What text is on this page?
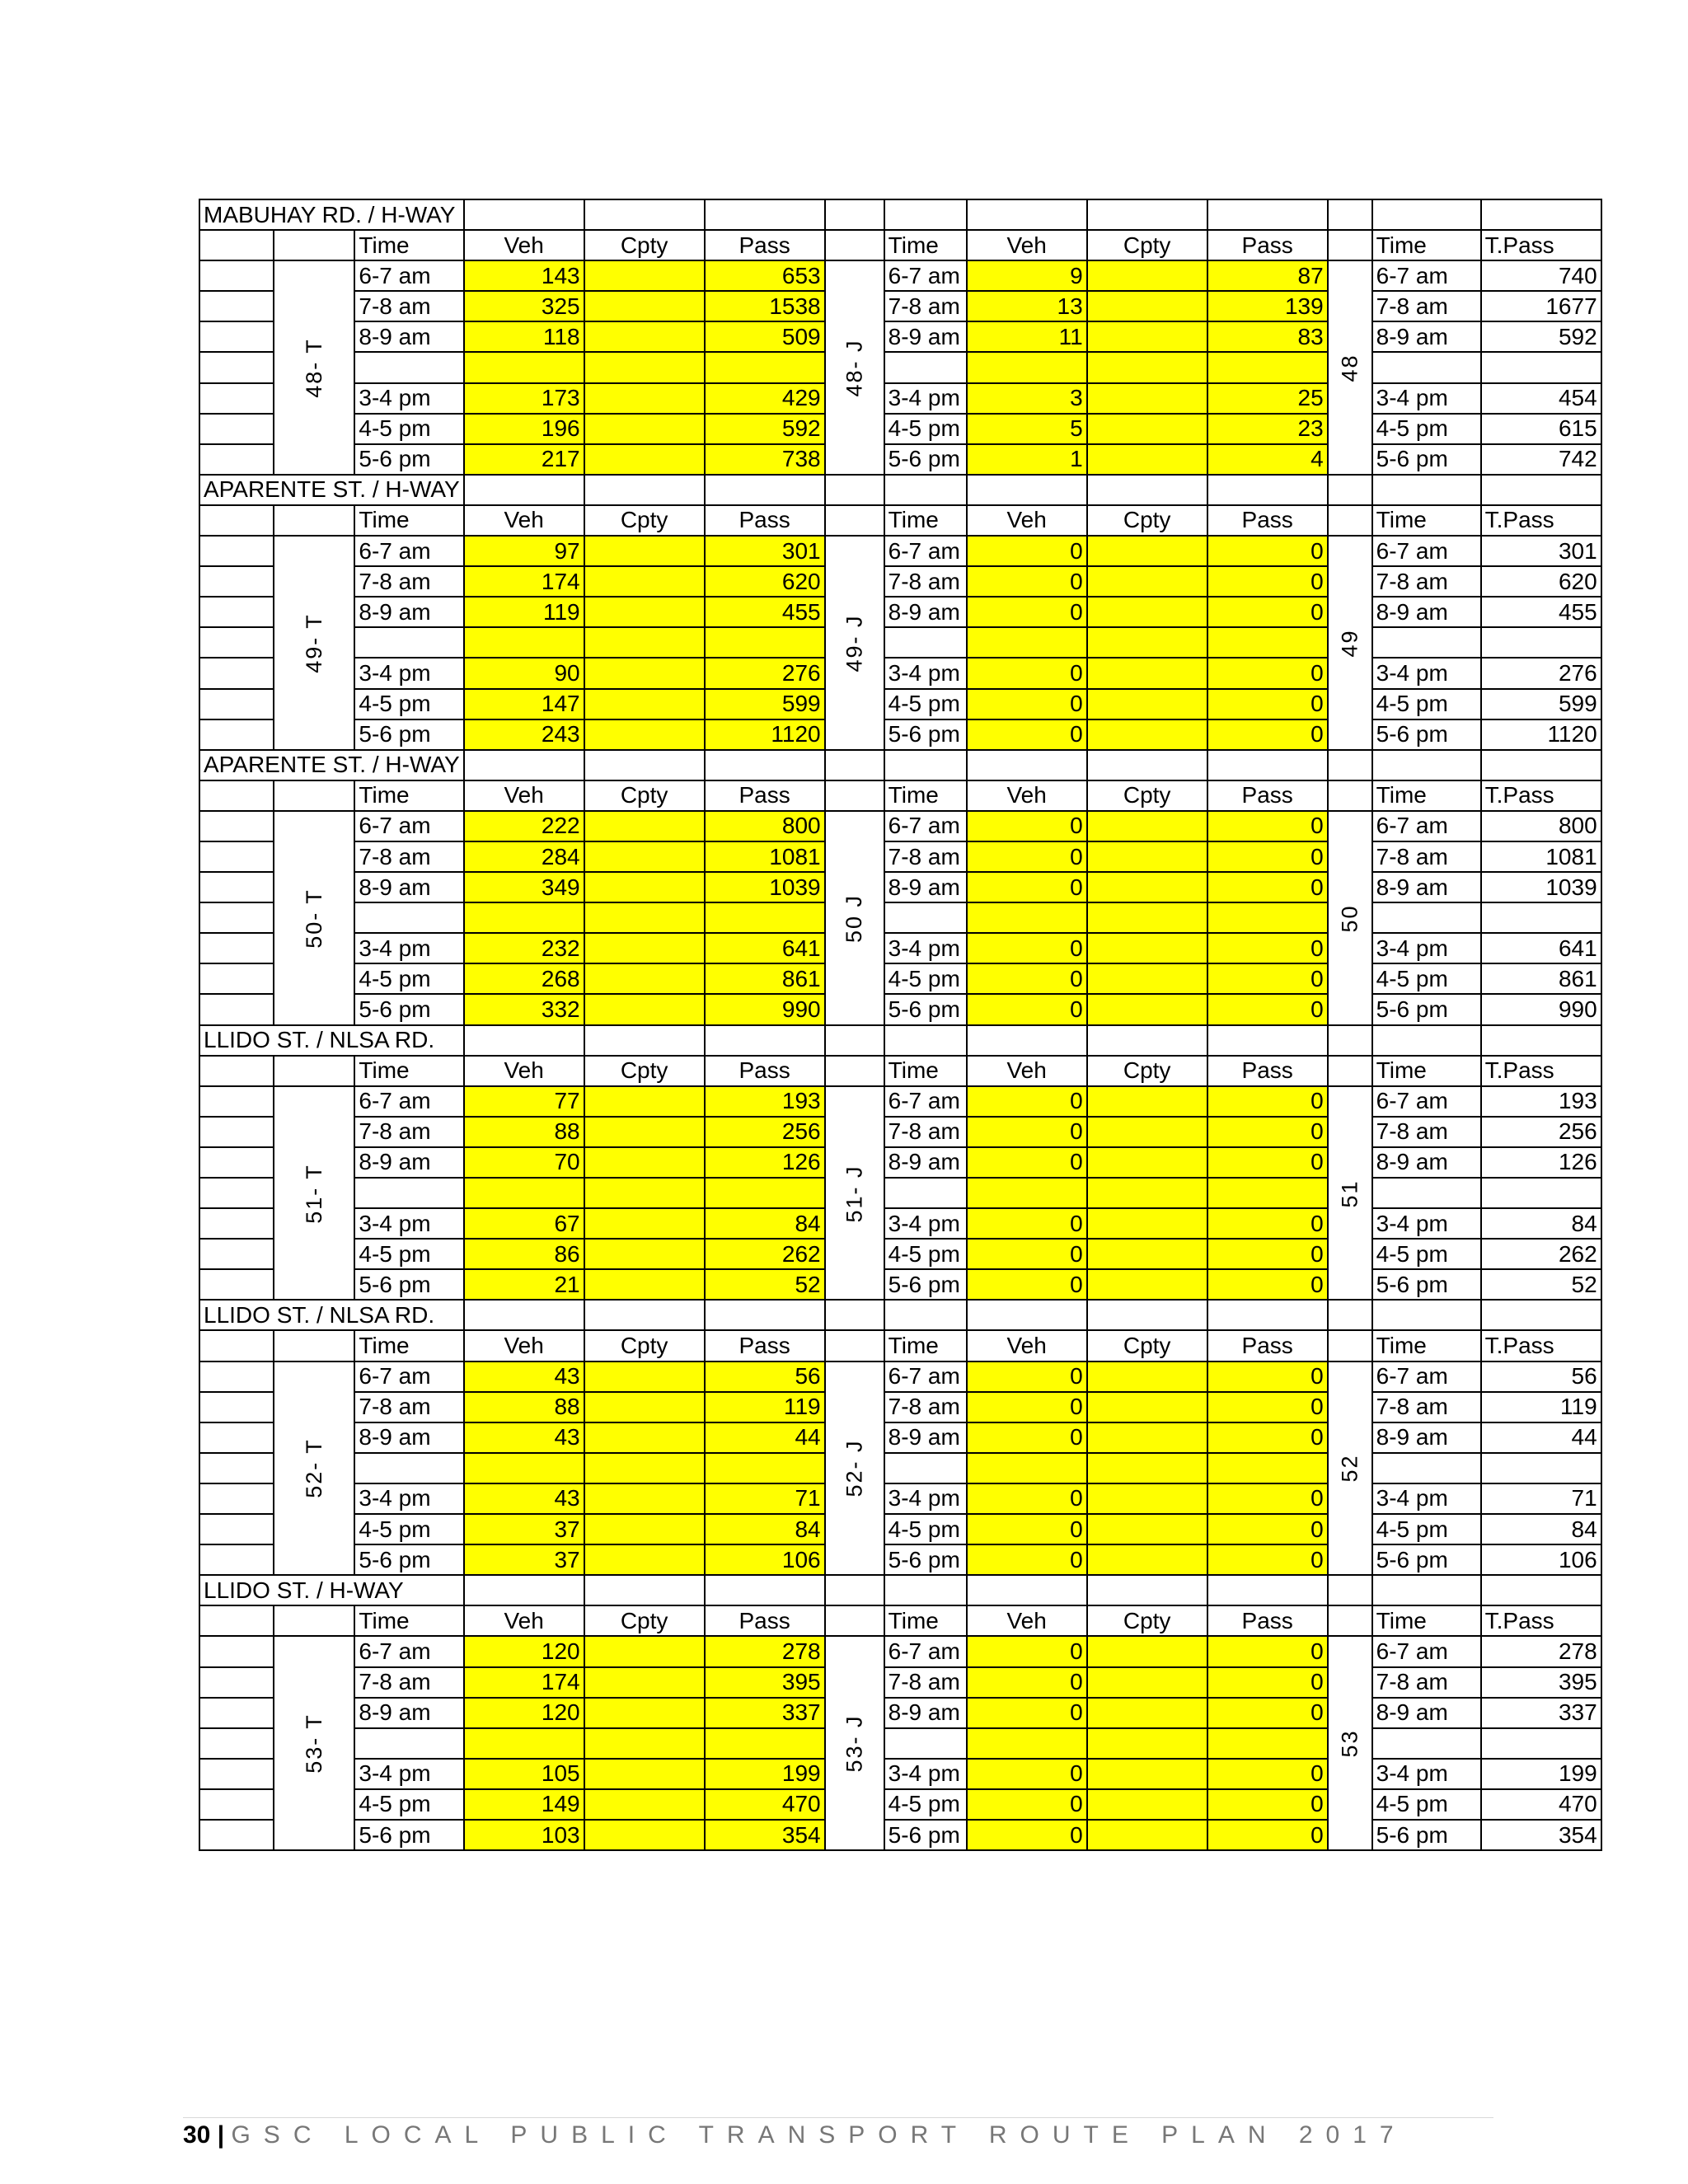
MABUHAY RD. / H-WAY													
		Time	Veh	Cpty	Pass		Time	Veh	Cpty	Pass		Time	T.Pass
	48- T	6-7 am	143		653	48- J	6-7 am	9		87	48	6-7 am	740
		7-8 am	325		1538		7-8 am	13		139		7-8 am	1677
		8-9 am	118		509		8-9 am	11		83		8-9 am	592

		3-4 pm	173		429		3-4 pm	3		25		3-4 pm	454
		4-5 pm	196		592		4-5 pm	5		23		4-5 pm	615
		5-6 pm	217		738		5-6 pm	1		4		5-6 pm	742
APARENTE ST. / H-WAY													
		Time	Veh	Cpty	Pass		Time	Veh	Cpty	Pass		Time	T.Pass
	49- T	6-7 am	97		301	49- J	6-7 am	0		0	49	6-7 am	301
		7-8 am	174		620		7-8 am	0		0		7-8 am	620
		8-9 am	119		455		8-9 am	0		0		8-9 am	455

		3-4 pm	90		276		3-4 pm	0		0		3-4 pm	276
		4-5 pm	147		599		4-5 pm	0		0		4-5 pm	599
		5-6 pm	243		1120		5-6 pm	0		0		5-6 pm	1120
APARENTE ST. / H-WAY													
		Time	Veh	Cpty	Pass		Time	Veh	Cpty	Pass		Time	T.Pass
	50- T	6-7 am	222		800	50 J	6-7 am	0		0	50	6-7 am	800
		7-8 am	284		1081		7-8 am	0		0		7-8 am	1081
		8-9 am	349		1039		8-9 am	0		0		8-9 am	1039

		3-4 pm	232		641		3-4 pm	0		0		3-4 pm	641
		4-5 pm	268		861		4-5 pm	0		0		4-5 pm	861
		5-6 pm	332		990		5-6 pm	0		0		5-6 pm	990
LLIDO ST. / NLSA RD.													
		Time	Veh	Cpty	Pass		Time	Veh	Cpty	Pass		Time	T.Pass
	51- T	6-7 am	77		193	51- J	6-7 am	0		0	51	6-7 am	193
		7-8 am	88		256		7-8 am	0		0		7-8 am	256
		8-9 am	70		126		8-9 am	0		0		8-9 am	126

		3-4 pm	67		84		3-4 pm	0		0		3-4 pm	84
		4-5 pm	86		262		4-5 pm	0		0		4-5 pm	262
		5-6 pm	21		52		5-6 pm	0		0		5-6 pm	52
LLIDO ST. / NLSA RD.													
		Time	Veh	Cpty	Pass		Time	Veh	Cpty	Pass		Time	T.Pass
	52- T	6-7 am	43		56	52- J	6-7 am	0		0	52	6-7 am	56
		7-8 am	88		119		7-8 am	0		0		7-8 am	119
		8-9 am	43		44		8-9 am	0		0		8-9 am	44

		3-4 pm	43		71		3-4 pm	0		0		3-4 pm	71
		4-5 pm	37		84		4-5 pm	0		0		4-5 pm	84
		5-6 pm	37		106		5-6 pm	0		0		5-6 pm	106
LLIDO ST. / H-WAY													
		Time	Veh	Cpty	Pass		Time	Veh	Cpty	Pass		Time	T.Pass
	53- T	6-7 am	120		278	53- J	6-7 am	0		0	53	6-7 am	278
		7-8 am	174		395		7-8 am	0		0		7-8 am	395
		8-9 am	120		337		8-9 am	0		0		8-9 am	337

		3-4 pm	105		199		3-4 pm	0		0		3-4 pm	199
		4-5 pm	149		470		4-5 pm	0		0		4-5 pm	470
		5-6 pm	103		354		5-6 pm	0		0		5-6 pm	354
30 | GSC LOCAL PUBLIC TRANSPORT ROUTE PLAN 2017
